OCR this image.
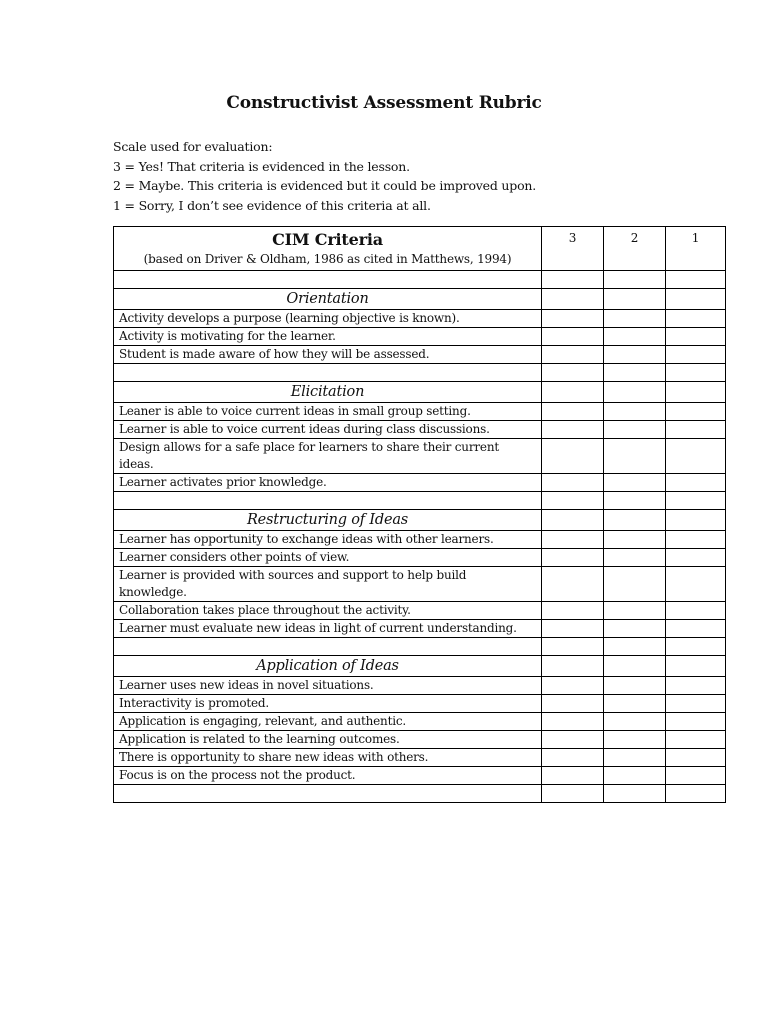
Constructivist Assessment Rubric
Scale used for evaluation:
3 = Yes! That criteria is evidenced in the lesson.
2 = Maybe. This criteria is evidenced but it could be improved upon.
1 = Sorry, I don’t see evidence of this criteria at all.
CIM Criteria
(based on Driver & Oldham, 1986 as cited in Matthews, 1994)	3	2	1

Orientation			
Activity develops a purpose (learning objective is known).			
Activity is motivating for the learner.			
Student is made aware of how they will be assessed.			

Elicitation			
Leaner is able to voice current ideas in small group setting.			
Learner is able to voice current ideas during class discussions.			
Design allows for a safe place for learners to share their current ideas.			
Learner activates prior knowledge.			

Restructuring of Ideas			
Learner has opportunity to exchange ideas with other learners.			
Learner considers other points of view.			
Learner is provided with sources and support to help build knowledge.			
Collaboration takes place throughout the activity.			
Learner must evaluate new ideas in light of current understanding.			

Application of Ideas			
Learner uses new ideas in novel situations.			
Interactivity is promoted.			
Application is engaging, relevant, and authentic.			
Application is related to the learning outcomes.			
There is opportunity to share new ideas with others.			
Focus is on the process not the product.			
